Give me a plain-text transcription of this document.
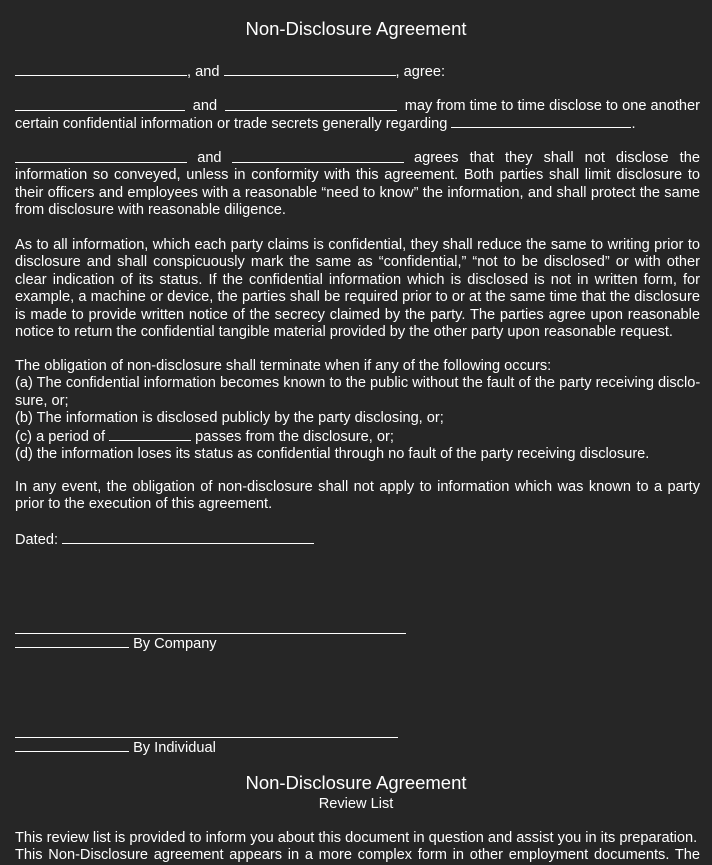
Non-Disclosure Agreement
, and	, agree:
and	may from time to time disclose to one another
certain confidential information or trade secrets generally regarding	.
and	agrees that they shall not disclose the
information so conveyed, unless in conformity with this agreement. Both parties shall limit disclosure to their officers and employees with a reasonable “need to know” the information, and shall protect the same from disclosure with reasonable diligence.
As to all information, which each party claims is confidential, they shall reduce the same to writing prior to disclosure and shall conspicuously mark the same as “confidential,” “not to be disclosed” or with other clear indication of its status. If the confidential information which is disclosed is not in written form, for example, a machine or device, the parties shall be required prior to or at the same time that the disclosure is made to provide written notice of the secrecy claimed by the party. The parties agree upon reasonable notice to return the confidential tangible material provided by the other party upon reasonable request.
The obligation of non-disclosure shall terminate when if any of the following occurs:
(a) The confidential information becomes known to the public without the fault of the party receiving disclo-
sure, or;
(b) The information is disclosed publicly by the party disclosing, or;
(c) a period of	passes from the disclosure, or;
(d) the information loses its status as confidential through no fault of the party receiving disclosure.
In any event, the obligation of non-disclosure shall not apply to information which was known to a party prior to the execution of this agreement.
Dated:
By Company
By Individual
Non-Disclosure Agreement
Review List
This review list is provided to inform you about this document in question and assist you in its preparation.
This Non-Disclosure agreement appears in a more complex form in other employment documents. The
